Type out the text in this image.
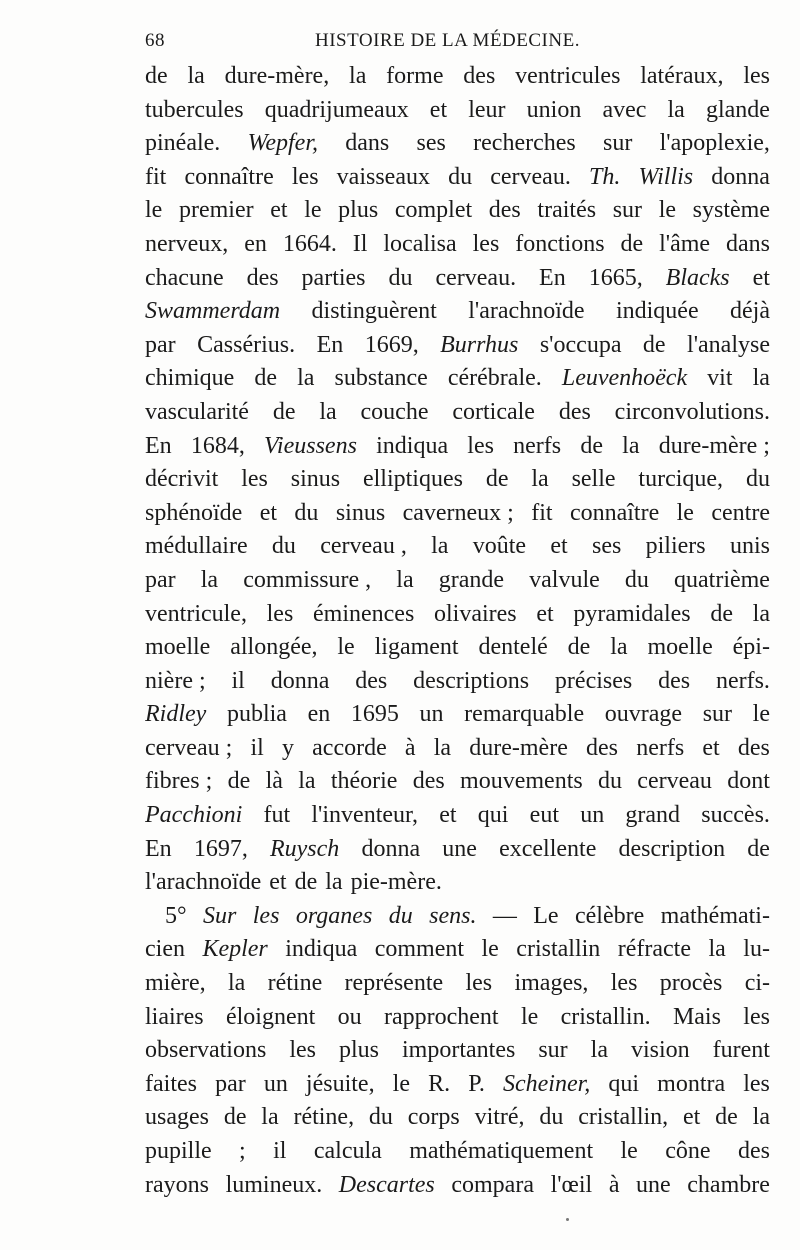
68	HISTOIRE DE LA MÉDECINE.
de la dure-mère, la forme des ventricules latéraux, les
tubercules quadrijumeaux et leur union avec la glande
pinéale. Wepfer, dans ses recherches sur l'apoplexie,
fit connaître les vaisseaux du cerveau. Th. Willis donna
le premier et le plus complet des traités sur le système
nerveux, en 1664. Il localisa les fonctions de l'âme dans
chacune des parties du cerveau. En 1665, Blacks et
Swammerdam distinguèrent l'arachnoïde indiquée déjà
par Cassérius. En 1669, Burrhus s'occupa de l'analyse
chimique de la substance cérébrale. Leuvenhoëck vit la
vascularité de la couche corticale des circonvolutions.
En 1684, Vieussens indiqua les nerfs de la dure-mère ;
décrivit les sinus elliptiques de la selle turcique, du
sphénoïde et du sinus caverneux ; fit connaître le centre
médullaire du cerveau , la voûte et ses piliers unis
par la commissure , la grande valvule du quatrième
ventricule, les éminences olivaires et pyramidales de la
moelle allongée, le ligament dentelé de la moelle épi-
nière ; il donna des descriptions précises des nerfs.
Ridley publia en 1695 un remarquable ouvrage sur le
cerveau ; il y accorde à la dure-mère des nerfs et des
fibres ; de là la théorie des mouvements du cerveau dont
Pacchioni fut l'inventeur, et qui eut un grand succès.
En 1697, Ruysch donna une excellente description de
l'arachnoïde et de la pie-mère.
5° Sur les organes du sens. — Le célèbre mathémati-
cien Kepler indiqua comment le cristallin réfracte la lu-
mière, la rétine représente les images, les procès ci-
liaires éloignent ou rapprochent le cristallin. Mais les
observations les plus importantes sur la vision furent
faites par un jésuite, le R. P. Scheiner, qui montra les
usages de la rétine, du corps vitré, du cristallin, et de la
pupille ; il calcula mathématiquement le cône des
rayons lumineux. Descartes compara l'œil à une chambre
